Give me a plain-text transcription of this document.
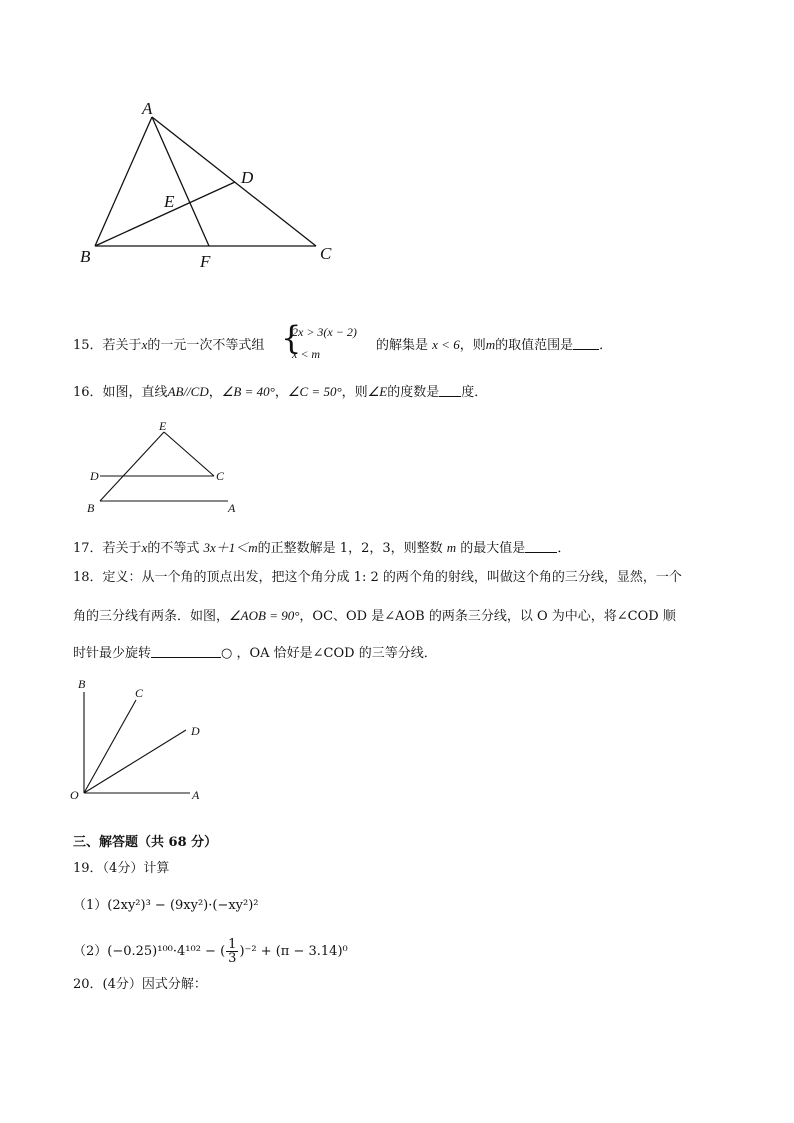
A
B	C
D
E
F
15．若关于x的一元一次不等式组 {
2x > 3(x − 2)
x < m
的解集是 x < 6，则m的取值范围是 ．
16．如图，直线AB//CD，∠B = 40°，∠C = 50°，则∠E的度数是 度．
E
D	C
B	A
17．若关于x的不等式 3x＋1＜m的正整数解是 1，2，3，则整数 m 的最大值是 ．
18．定义：从一个角的顶点出发，把这个角分成 1: 2 的两个角的射线，叫做这个角的三分线，显然，一个
角的三分线有两条．如图，∠AOB = 90°，OC、OD 是∠AOB 的两条三分线，以 O 为中心，将∠COD 顺
时针最少旋转	○ ，OA 恰好是∠COD 的三等分线．
B
C
D
O	A
三、解答题（共 68 分）
19．（4分）计算
（1）(2xy²)³ − (9xy²)·(−xy²)²
（2）(−0.25)¹⁰⁰·4¹⁰² − ( $\frac{1}{3} )^{-2} + (\pi - 3.14)^0$
20．(4分）因式分解：
